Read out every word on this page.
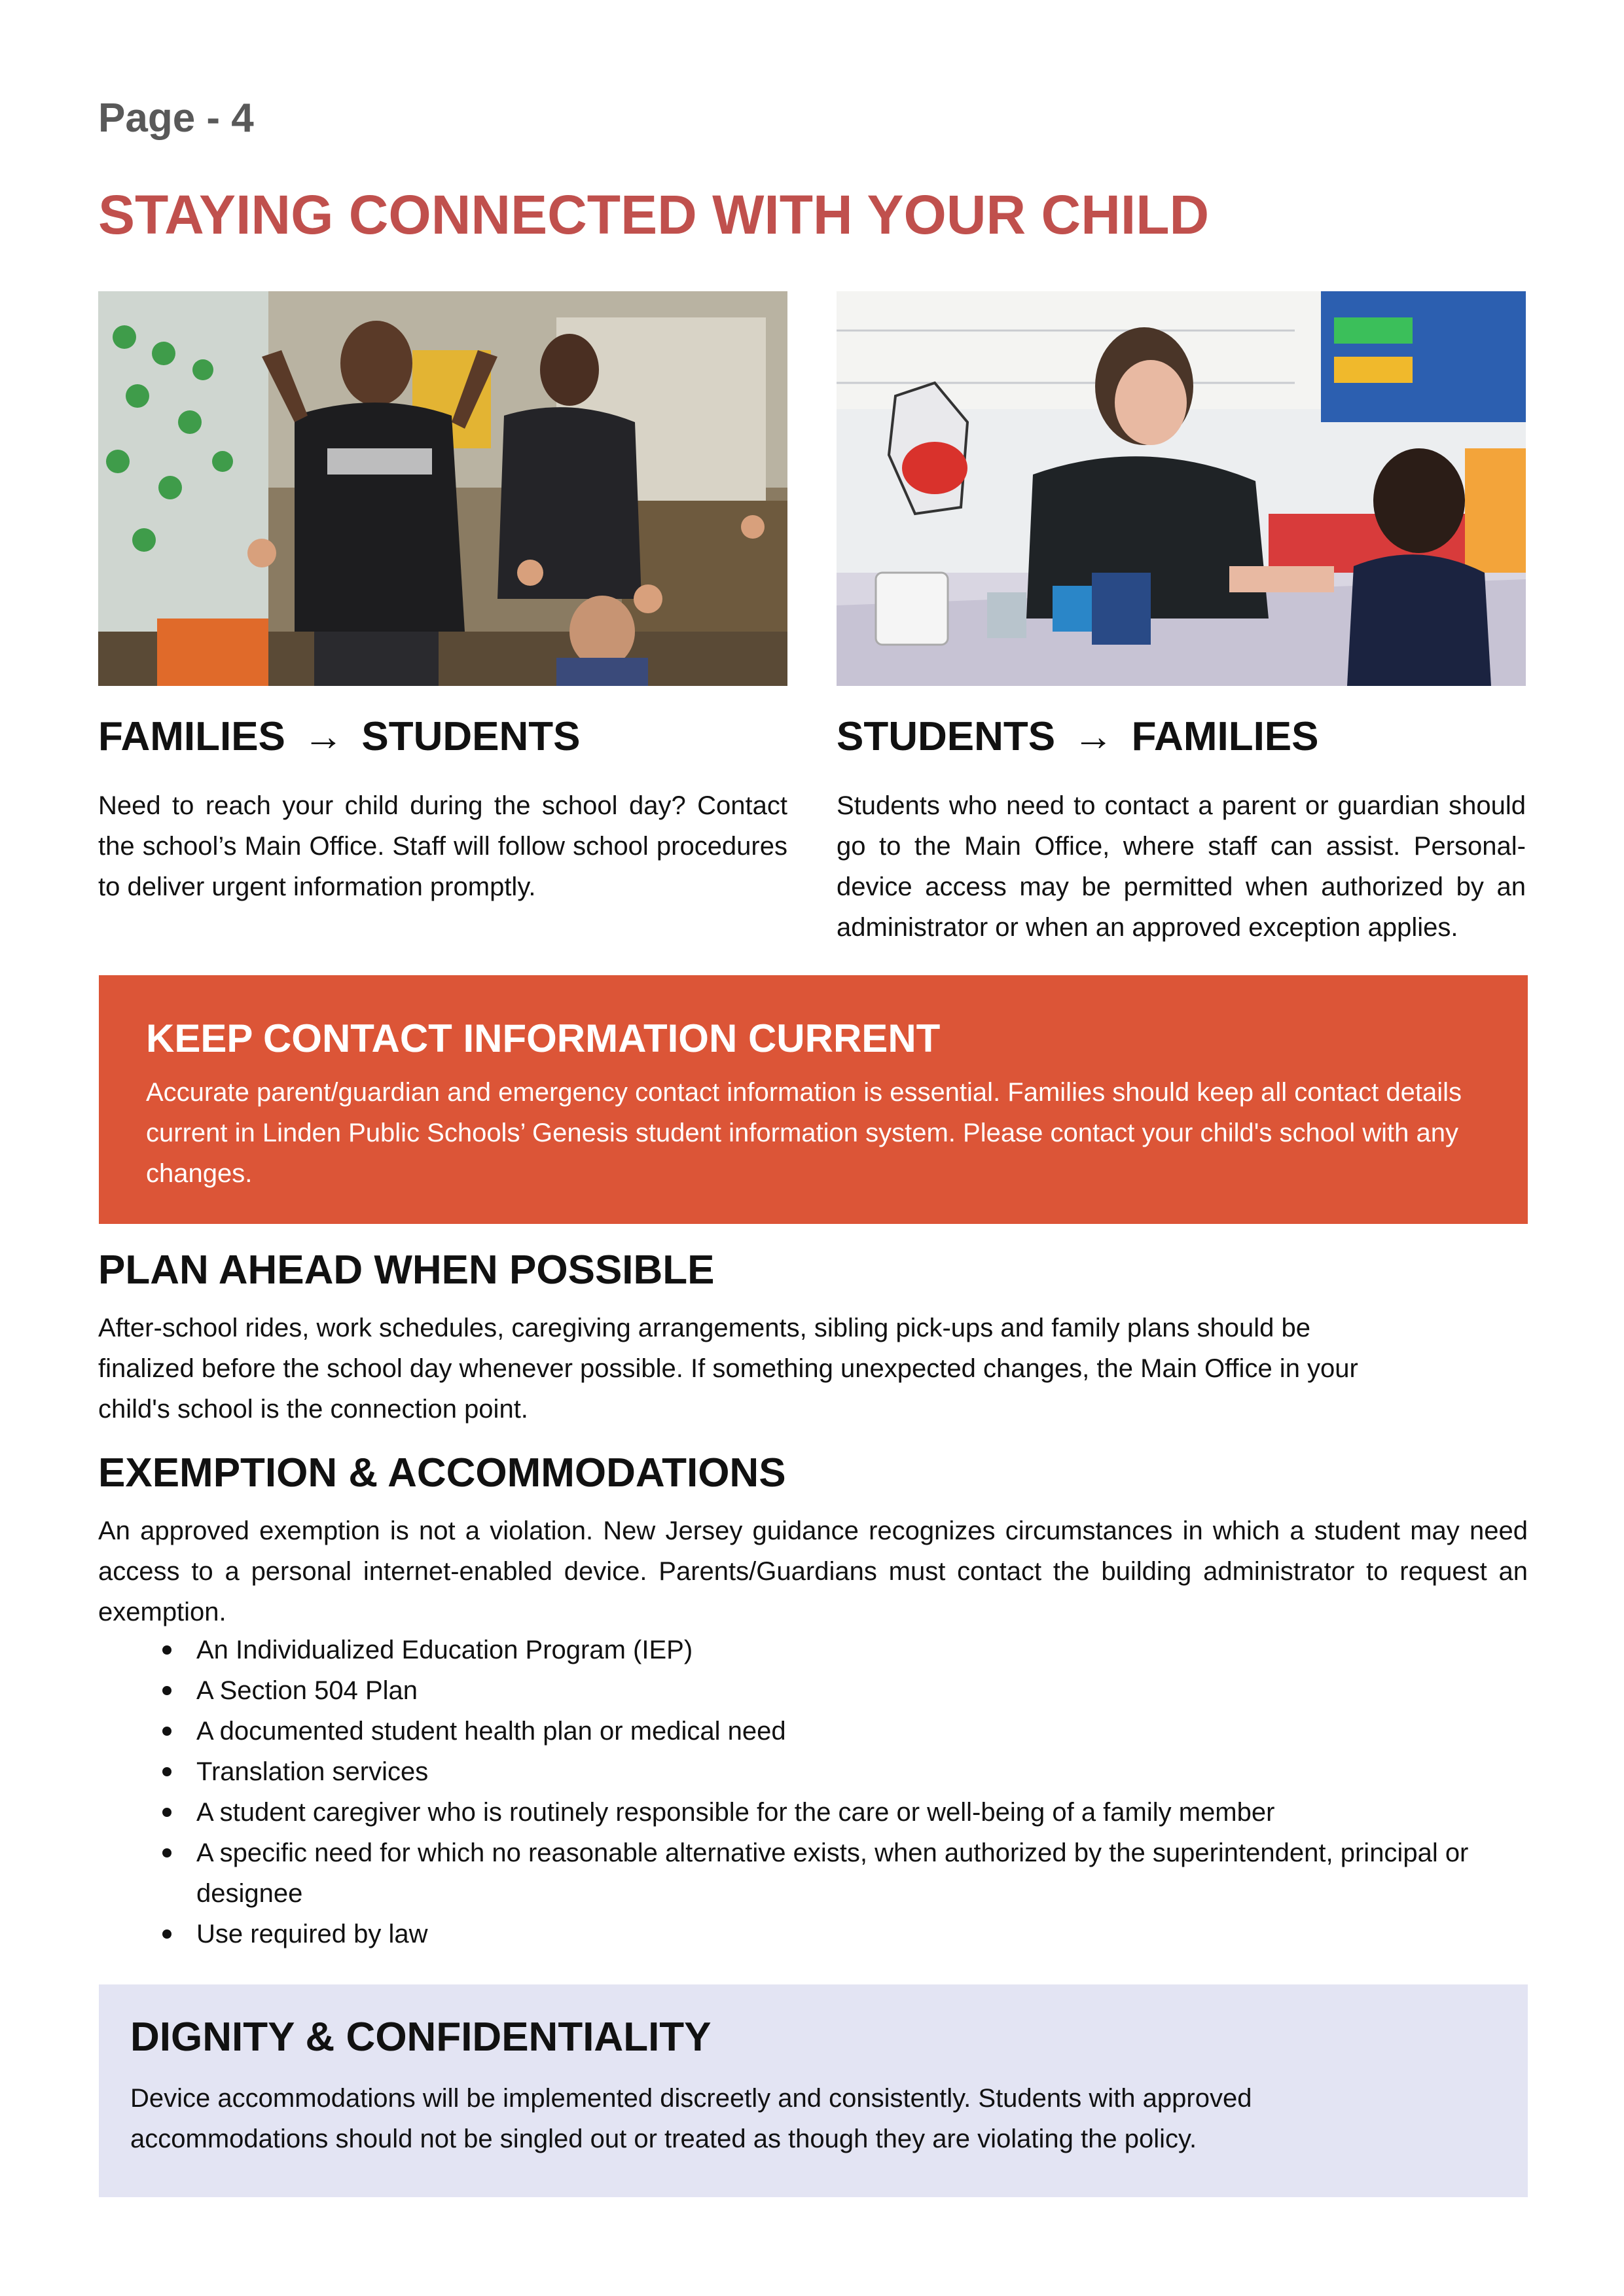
Page - 4
STAYING CONNECTED WITH YOUR CHILD
FAMILIES → STUDENTS
Need to reach your child during the school day? Contact the school’s Main Office. Staff will follow school procedures to deliver urgent information promptly.
STUDENTS → FAMILIES
Students who need to contact a parent or guardian should go to the Main Office, where staff can assist. Personal-device access may be permitted when authorized by an administrator or when an approved exception applies.
KEEP CONTACT INFORMATION CURRENT

Accurate parent/guardian and emergency contact information is essential. Families should keep all contact details current in Linden Public Schools’ Genesis student information system. Please contact your child's school with any changes.

PLAN AHEAD WHEN POSSIBLE
After-school rides, work schedules, caregiving arrangements, sibling pick-ups and family plans should be
finalized before the school day whenever possible. If something unexpected changes, the Main Office in your
child's school is the connection point.
EXEMPTION & ACCOMMODATIONS
An approved exemption is not a violation. New Jersey guidance recognizes circumstances in which a student may need access to a personal internet-enabled device. Parents/Guardians must contact the building administrator to request an exemption.
An Individualized Education Program (IEP)
A Section 504 Plan
A documented student health plan or medical need
Translation services
A student caregiver who is routinely responsible for the care or well-being of a family member
A specific need for which no reasonable alternative exists, when authorized by the superintendent, principal or designee
Use required by law
DIGNITY & CONFIDENTIALITY

Device accommodations will be implemented discreetly and consistently. Students with approved
accommodations should not be singled out or treated as though they are violating the policy.
